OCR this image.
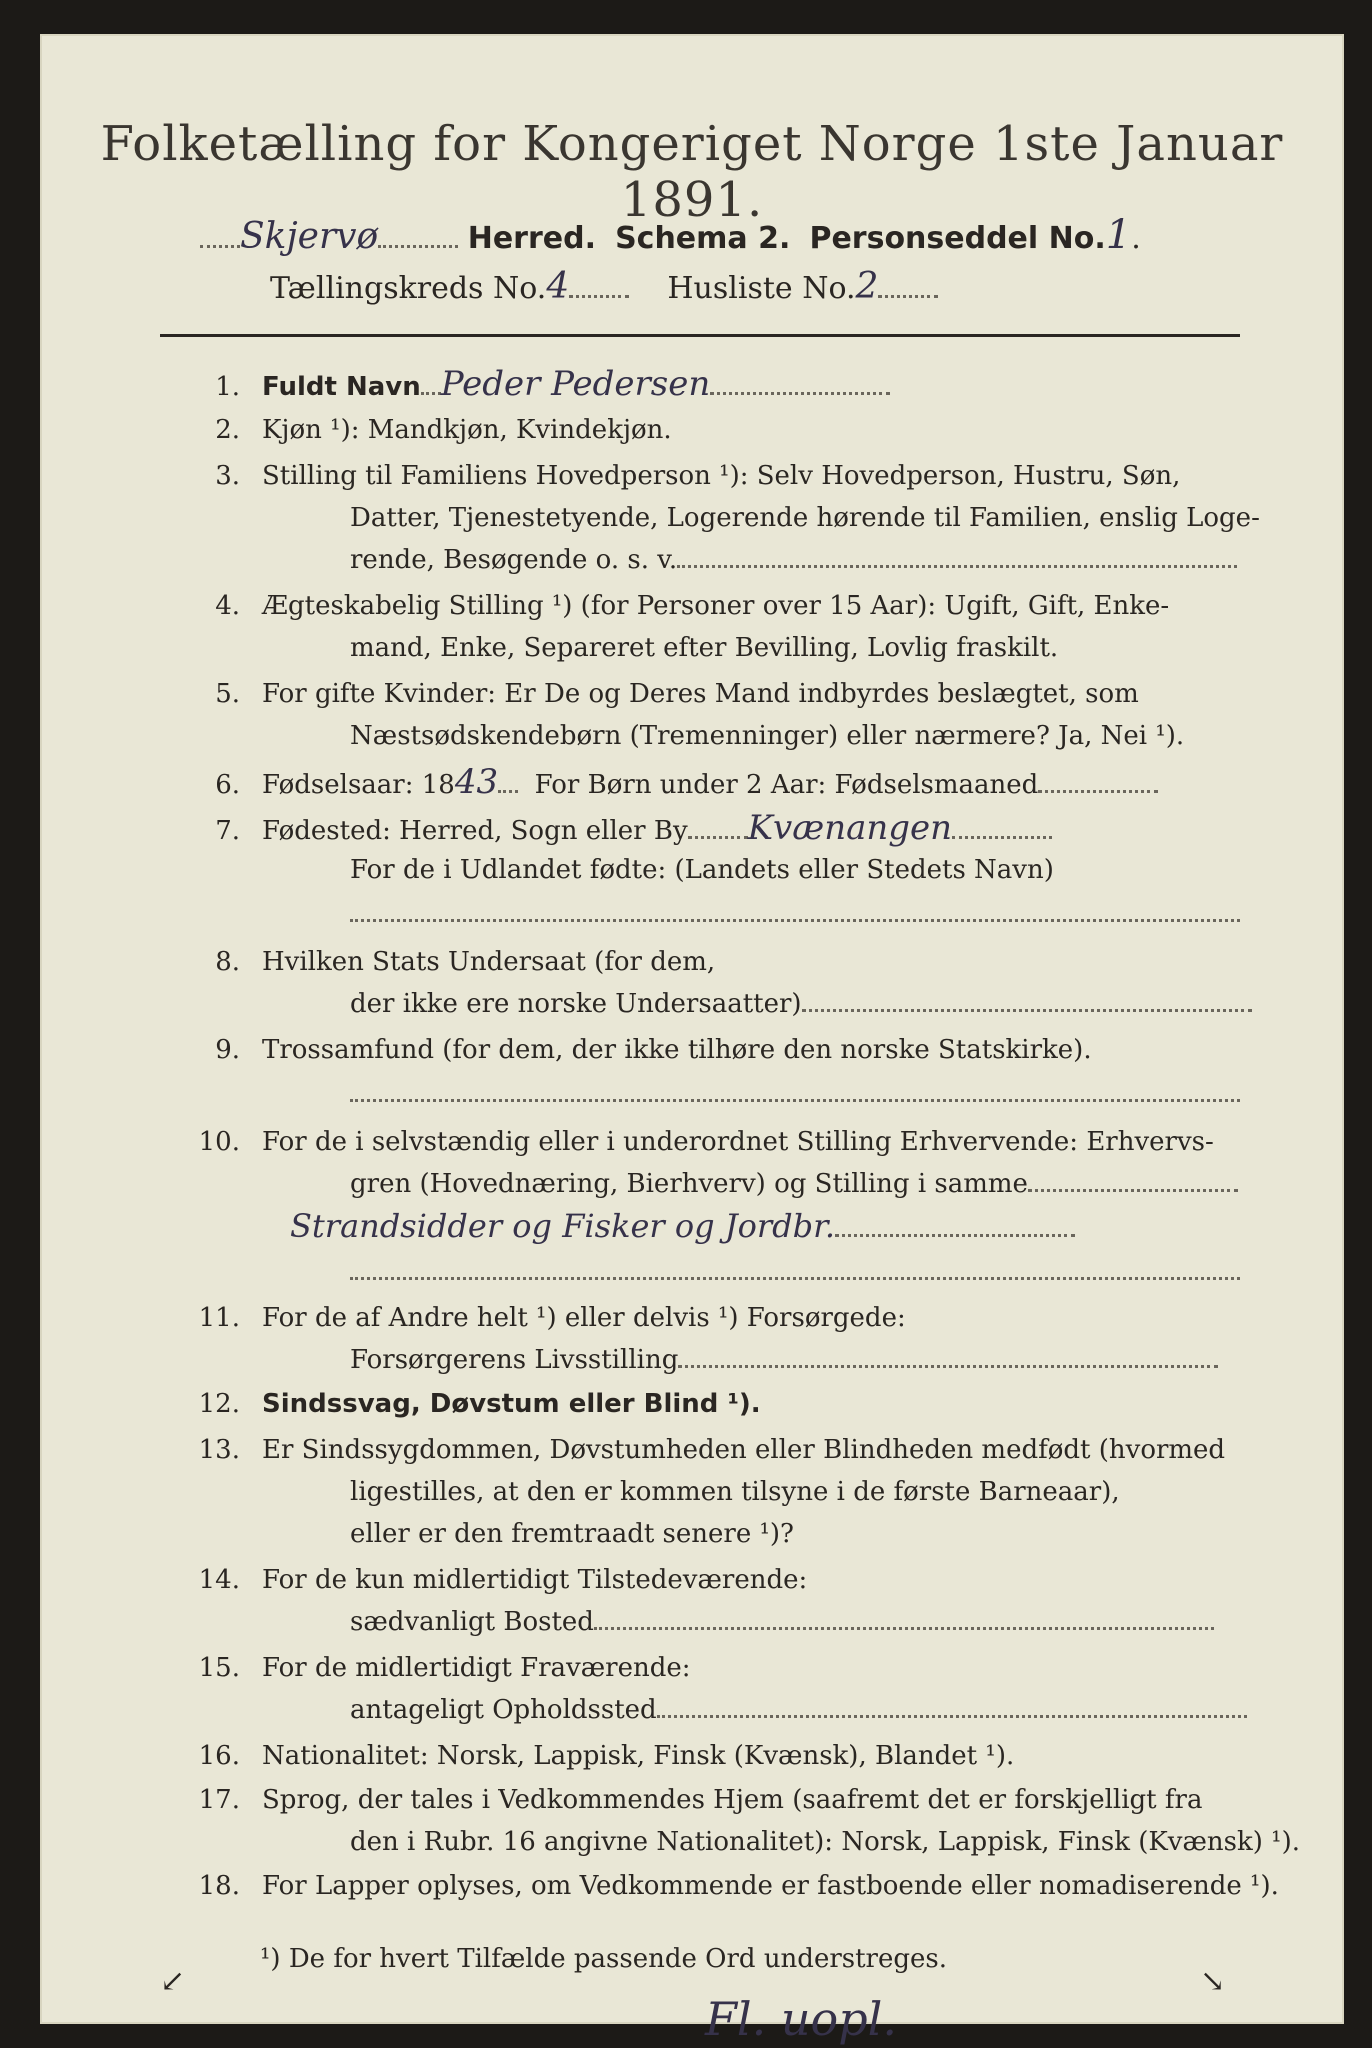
Folketælling for Kongeriget Norge 1ste Januar 1891.
Skjervø	Herred. Schema 2. Personseddel No.1.
Tællingskreds No.4	Husliste No.2
1. Fuldt Navn Peder Pedersen
2. Kjøn ¹): Mandkjøn, Kvindekjøn.
3. Stilling til Familiens Hovedperson ¹): Selv Hovedperson, Hustru, Søn,
Datter, Tjenestetyende, Logerende hørende til Familien, enslig Loge-
rende, Besøgende o. s. v.
4. Ægteskabelig Stilling ¹) (for Personer over 15 Aar): Ugift, Gift, Enke-
mand, Enke, Separeret efter Bevilling, Lovlig fraskilt.
5. For gifte Kvinder: Er De og Deres Mand indbyrdes beslægtet, som
Næstsødskendebørn (Tremenninger) eller nærmere? Ja, Nei ¹).
6. Fødselsaar: 1843 For Børn under 2 Aar: Fødselsmaaned
7. Fødested: Herred, Sogn eller By Kvænangen
For de i Udlandet fødte: (Landets eller Stedets Navn)
8. Hvilken Stats Undersaat (for dem,
der ikke ere norske Undersaatter)
9. Trossamfund (for dem, der ikke tilhøre den norske Statskirke).
10. For de i selvstændig eller i underordnet Stilling Erhvervende: Erhvervs-
gren (Hovednæring, Bierhverv) og Stilling i samme
Strandsidder og Fisker og Jordbr.
11. For de af Andre helt ¹) eller delvis ¹) Forsørgede:
Forsørgerens Livsstilling
12. Sindssvag, Døvstum eller Blind ¹).
13. Er Sindssygdommen, Døvstumheden eller Blindheden medfødt (hvormed
ligestilles, at den er kommen tilsyne i de første Barneaar),
eller er den fremtraadt senere ¹)?
14. For de kun midlertidigt Tilstedeværende:
sædvanligt Bosted
15. For de midlertidigt Fraværende:
antageligt Opholdssted
16. Nationalitet: Norsk, Lappisk, Finsk (Kvænsk), Blandet ¹).
17. Sprog, der tales i Vedkommendes Hjem (saafremt det er forskjelligt fra
den i Rubr. 16 angivne Nationalitet): Norsk, Lappisk, Finsk (Kvænsk) ¹).
18. For Lapper oplyses, om Vedkommende er fastboende eller nomadiserende ¹).
¹) De for hvert Tilfælde passende Ord understreges.
Fl. uopl.
↙	↘
